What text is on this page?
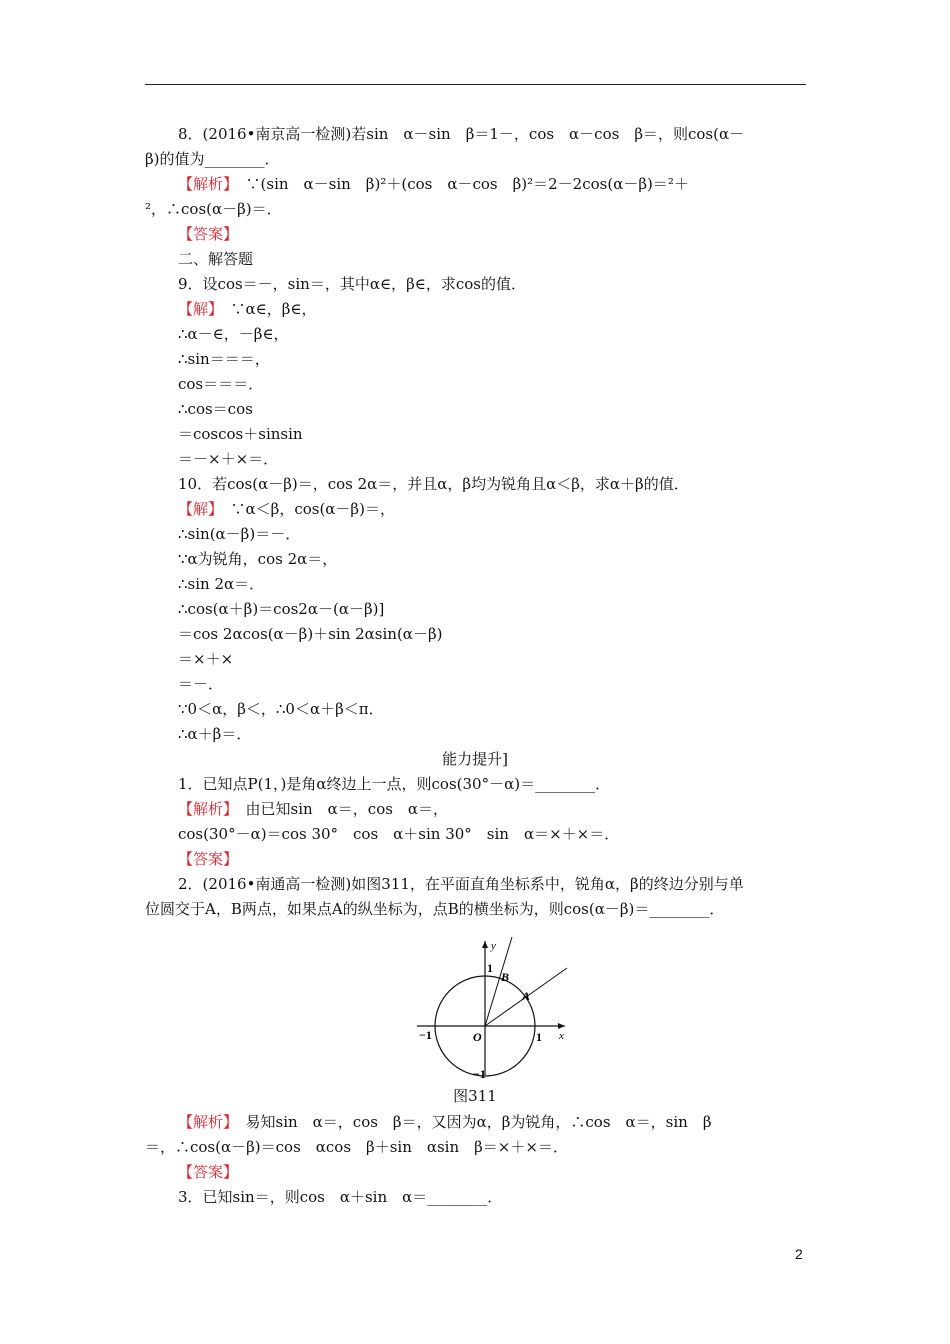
8．(2016•南京高一检测)若sin　α－sin　β＝1－，cos　α－cos　β＝，则cos(α－
β)的值为________．
【解析】　∵(sin　α－sin　β)²＋(cos　α－cos　β)²＝2－2cos(α－β)＝²＋
²，∴cos(α－β)＝．
【答案】
二、解答题
9．设cos＝－，sin＝，其中α∈，β∈，求cos的值．
【解】　∵α∈，β∈，
∴α－∈，－β∈，
∴sin＝＝＝，
cos＝＝＝．
∴cos＝cos
＝coscos＋sinsin
＝－×＋×＝．
10．若cos(α－β)＝，cos 2α＝，并且α，β均为锐角且α＜β，求α＋β的值．
【解】　∵α＜β，cos(α－β)＝，
∴sin(α－β)＝－．
∵α为锐角，cos 2α＝，
∴sin 2α＝．
∴cos(α＋β)＝cos2α－(α－β)]
＝cos 2αcos(α－β)＋sin 2αsin(α－β)
＝×＋×
＝－．
∵0＜α，β＜，∴0＜α＋β＜π．
∴α＋β＝．
能力提升]
1．已知点P(1，)是角α终边上一点，则cos(30°－α)＝________．
【解析】　由已知sin　α＝，cos　α＝，
cos(30°－α)＝cos 30°　cos　α＋sin 30°　sin　α＝×＋×＝．
【答案】
2．(2016•南通高一检测)如图311，在平面直角坐标系中，锐角α，β的终边分别与单
位圆交于A，B两点，如果点A的纵坐标为，点B的横坐标为，则cos(α－β)＝________．
y
x
1
1
−1
−1
O
A
B
图311
【解析】　易知sin　α＝，cos　β＝，又因为α，β为锐角，∴cos　α＝，sin　β
＝，∴cos(α－β)＝cos　αcos　β＋sin　αsin　β＝×＋×＝．
【答案】
3．已知sin＝，则cos　α＋sin　α＝________．
2
